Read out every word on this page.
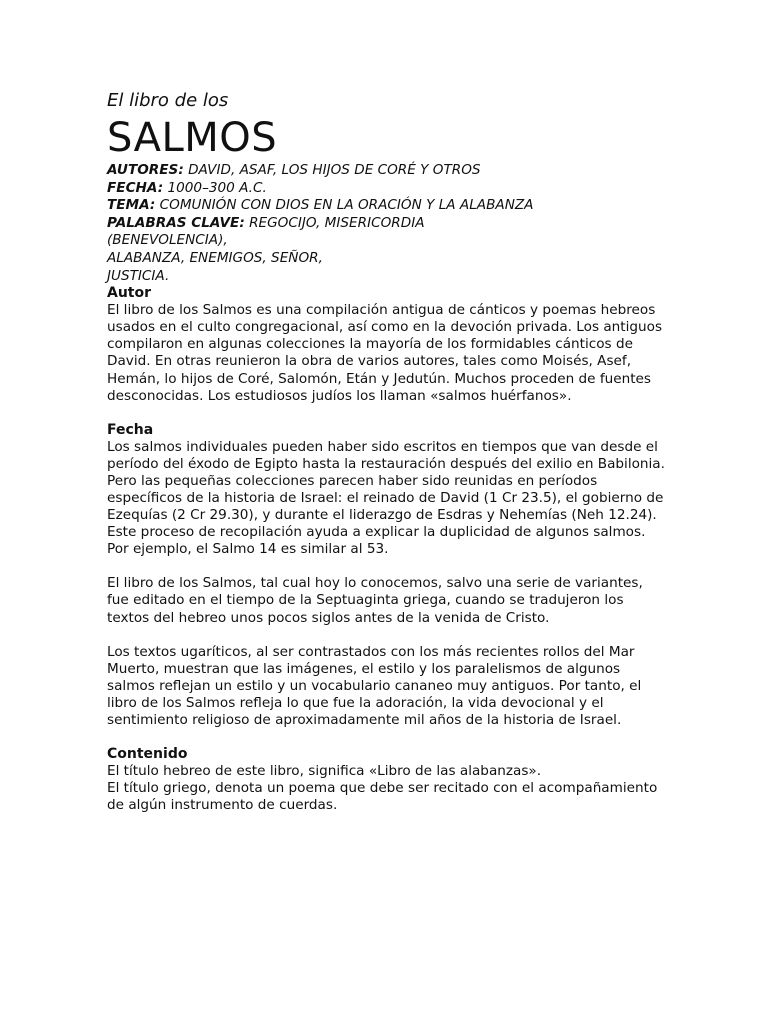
El libro de los
SALMOS
AUTORES: DAVID, ASAF, LOS HIJOS DE CORÉ Y OTROS
FECHA: 1000–300 A.C.
TEMA: COMUNIÓN CON DIOS EN LA ORACIÓN Y LA ALABANZA
PALABRAS CLAVE: REGOCIJO, MISERICORDIA
(BENEVOLENCIA),
ALABANZA, ENEMIGOS, SEÑOR,
JUSTICIA.
Autor

El libro de los Salmos es una compilación antigua de cánticos y poemas hebreos usados en el culto congregacional, así como en la devoción privada. Los antiguos compilaron en algunas colecciones la mayoría de los formidables cánticos de David. En otras reunieron la obra de varios autores, tales como Moisés, Asef, Hemán, lo hijos de Coré, Salomón, Etán y Jedutún. Muchos proceden de fuentes desconocidas. Los estudiosos judíos los llaman «salmos huérfanos».

Fecha

Los salmos individuales pueden haber sido escritos en tiempos que van desde el período del éxodo de Egipto hasta la restauración después del exilio en Babilonia. Pero las pequeñas colecciones parecen haber sido reunidas en períodos específicos de la historia de Israel: el reinado de David (1 Cr 23.5), el gobierno de Ezequías (2 Cr 29.30), y durante el liderazgo de Esdras y Nehemías (Neh 12.24). Este proceso de recopilación ayuda a explicar la duplicidad de algunos salmos. Por ejemplo, el Salmo 14 es similar al 53.

El libro de los Salmos, tal cual hoy lo conocemos, salvo una serie de variantes, fue editado en el tiempo de la Septuaginta griega, cuando se tradujeron los textos del hebreo unos pocos siglos antes de la venida de Cristo.

Los textos ugaríticos, al ser contrastados con los más recientes rollos del Mar Muerto, muestran que las imágenes, el estilo y los paralelismos de algunos salmos reflejan un estilo y un vocabulario cananeo muy antiguos. Por tanto, el libro de los Salmos refleja lo que fue la adoración, la vida devocional y el sentimiento religioso de aproximadamente mil años de la historia de Israel.

Contenido

El título hebreo de este libro, significa «Libro de las alabanzas».

El título griego, denota un poema que debe ser recitado con el acompañamiento de algún instrumento de cuerdas.
